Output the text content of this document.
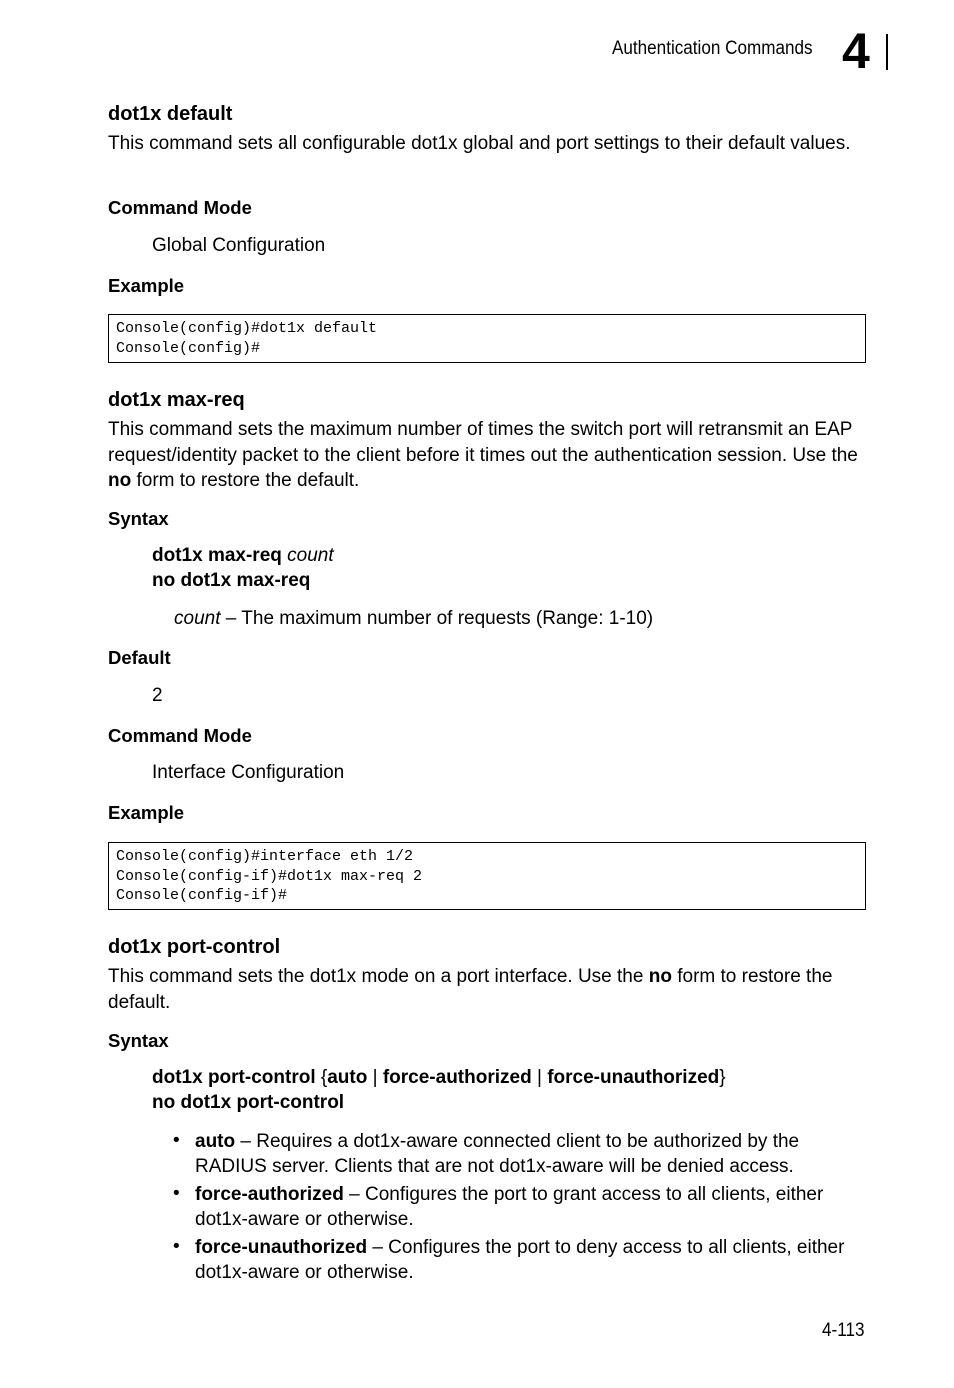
Authentication Commands 4
dot1x default
This command sets all configurable dot1x global and port settings to their default values.
Command Mode
Global Configuration
Example
Console(config)#dot1x default
Console(config)#
dot1x max-req
This command sets the maximum number of times the switch port will retransmit an EAP request/identity packet to the client before it times out the authentication session. Use the no form to restore the default.
Syntax
dot1x max-req count
no dot1x max-req
count – The maximum number of requests (Range: 1-10)
Default
2
Command Mode
Interface Configuration
Example
Console(config)#interface eth 1/2
Console(config-if)#dot1x max-req 2
Console(config-if)#
dot1x port-control
This command sets the dot1x mode on a port interface. Use the no form to restore the default.
Syntax
dot1x port-control {auto | force-authorized | force-unauthorized}
no dot1x port-control
• auto – Requires a dot1x-aware connected client to be authorized by the RADIUS server. Clients that are not dot1x-aware will be denied access.
• force-authorized – Configures the port to grant access to all clients, either dot1x-aware or otherwise.
• force-unauthorized – Configures the port to deny access to all clients, either dot1x-aware or otherwise.
4-113
